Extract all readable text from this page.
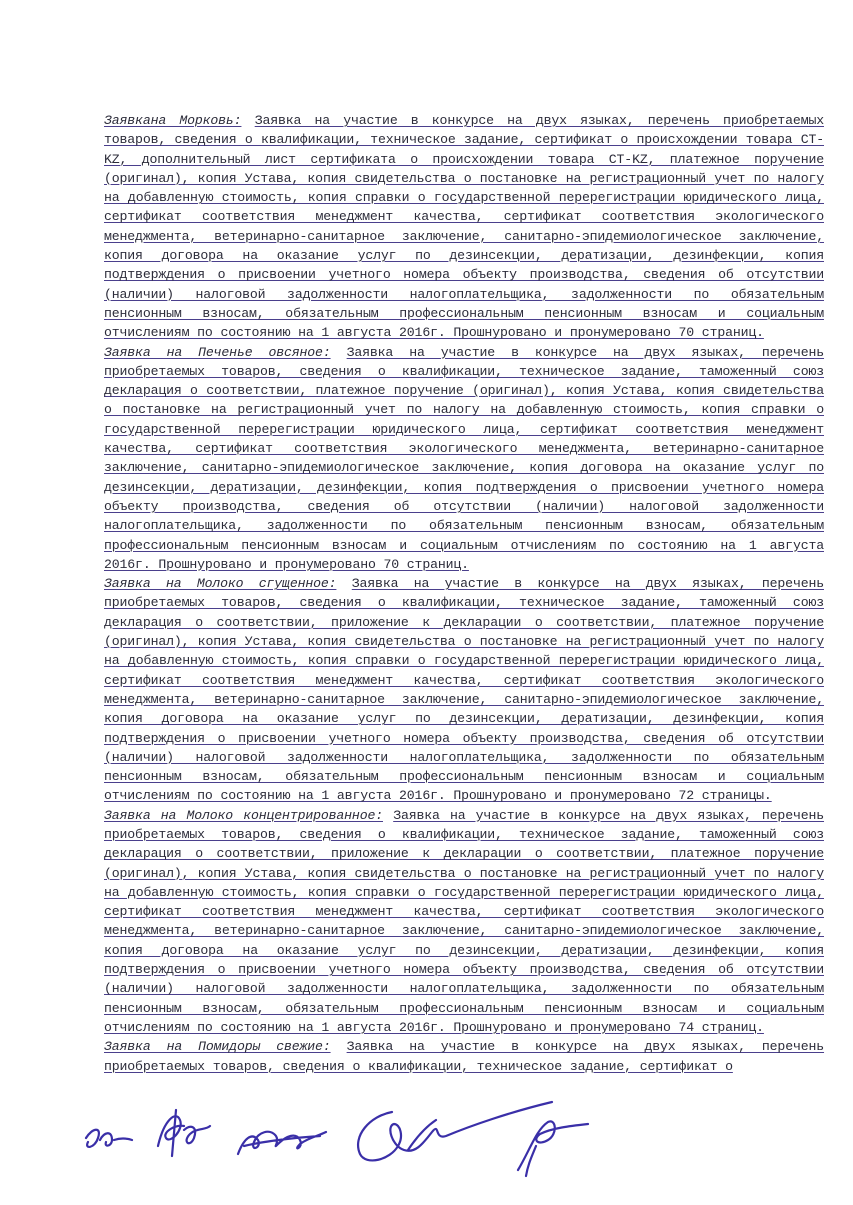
Заявкана Морковь: Заявка на участие в конкурсе на двух языках, перечень приобретаемых товаров, сведения о квалификации, техническое задание, сертификат о происхождении товара CT-KZ, дополнительный лист сертификата о происхождении товара CT-KZ, платежное поручение (оригинал), копия Устава, копия свидетельства о постановке на регистрационный учет по налогу на добавленную стоимость, копия справки о государственной перерегистрации юридического лица, сертификат соответствия менеджмент качества, сертификат соответствия экологического менеджмента, ветеринарно-санитарное заключение, санитарно-эпидемиологическое заключение, копия договора на оказание услуг по дезинсекции, дератизации, дезинфекции, копия подтверждения о присвоении учетного номера объекту производства, сведения об отсутствии (наличии) налоговой задолженности налогоплательщика, задолженности по обязательным пенсионным взносам, обязательным профессиональным пенсионным взносам и социальным отчислениям по состоянию на 1 августа 2016г. Прошнуровано и пронумеровано 70 страниц.

Заявка на Печенье овсяное: Заявка на участие в конкурсе на двух языках, перечень приобретаемых товаров, сведения о квалификации, техническое задание, таможенный союз декларация о соответствии, платежное поручение (оригинал), копия Устава, копия свидетельства о постановке на регистрационный учет по налогу на добавленную стоимость, копия справки о государственной перерегистрации юридического лица, сертификат соответствия менеджмент качества, сертификат соответствия экологического менеджмента, ветеринарно-санитарное заключение, санитарно-эпидемиологическое заключение, копия договора на оказание услуг по дезинсекции, дератизации, дезинфекции, копия подтверждения о присвоении учетного номера объекту производства, сведения об отсутствии (наличии) налоговой задолженности налогоплательщика, задолженности по обязательным пенсионным взносам, обязательным профессиональным пенсионным взносам и социальным отчислениям по состоянию на 1 августа 2016г. Прошнуровано и пронумеровано 70 страниц.

Заявка на Молоко сгущенное: Заявка на участие в конкурсе на двух языках, перечень приобретаемых товаров, сведения о квалификации, техническое задание, таможенный союз декларация о соответствии, приложение к декларации о соответствии, платежное поручение (оригинал), копия Устава, копия свидетельства о постановке на регистрационный учет по налогу на добавленную стоимость, копия справки о государственной перерегистрации юридического лица, сертификат соответствия менеджмент качества, сертификат соответствия экологического менеджмента, ветеринарно-санитарное заключение, санитарно-эпидемиологическое заключение, копия договора на оказание услуг по дезинсекции, дератизации, дезинфекции, копия подтверждения о присвоении учетного номера объекту производства, сведения об отсутствии (наличии) налоговой задолженности налогоплательщика, задолженности по обязательным пенсионным взносам, обязательным профессиональным пенсионным взносам и социальным отчислениям по состоянию на 1 августа 2016г. Прошнуровано и пронумеровано 72 страницы.

Заявка на Молоко концентрированное: Заявка на участие в конкурсе на двух языках, перечень приобретаемых товаров, сведения о квалификации, техническое задание, таможенный союз декларация о соответствии, приложение к декларации о соответствии, платежное поручение (оригинал), копия Устава, копия свидетельства о постановке на регистрационный учет по налогу на добавленную стоимость, копия справки о государственной перерегистрации юридического лица, сертификат соответствия менеджмент качества, сертификат соответствия экологического менеджмента, ветеринарно-санитарное заключение, санитарно-эпидемиологическое заключение, копия договора на оказание услуг по дезинсекции, дератизации, дезинфекции, копия подтверждения о присвоении учетного номера объекту производства, сведения об отсутствии (наличии) налоговой задолженности налогоплательщика, задолженности по обязательным пенсионным взносам, обязательным профессиональным пенсионным взносам и социальным отчислениям по состоянию на 1 августа 2016г. Прошнуровано и пронумеровано 74 страниц.

Заявка на Помидоры свежие: Заявка на участие в конкурсе на двух языках, перечень приобретаемых товаров, сведения о квалификации, техническое задание, сертификат о
